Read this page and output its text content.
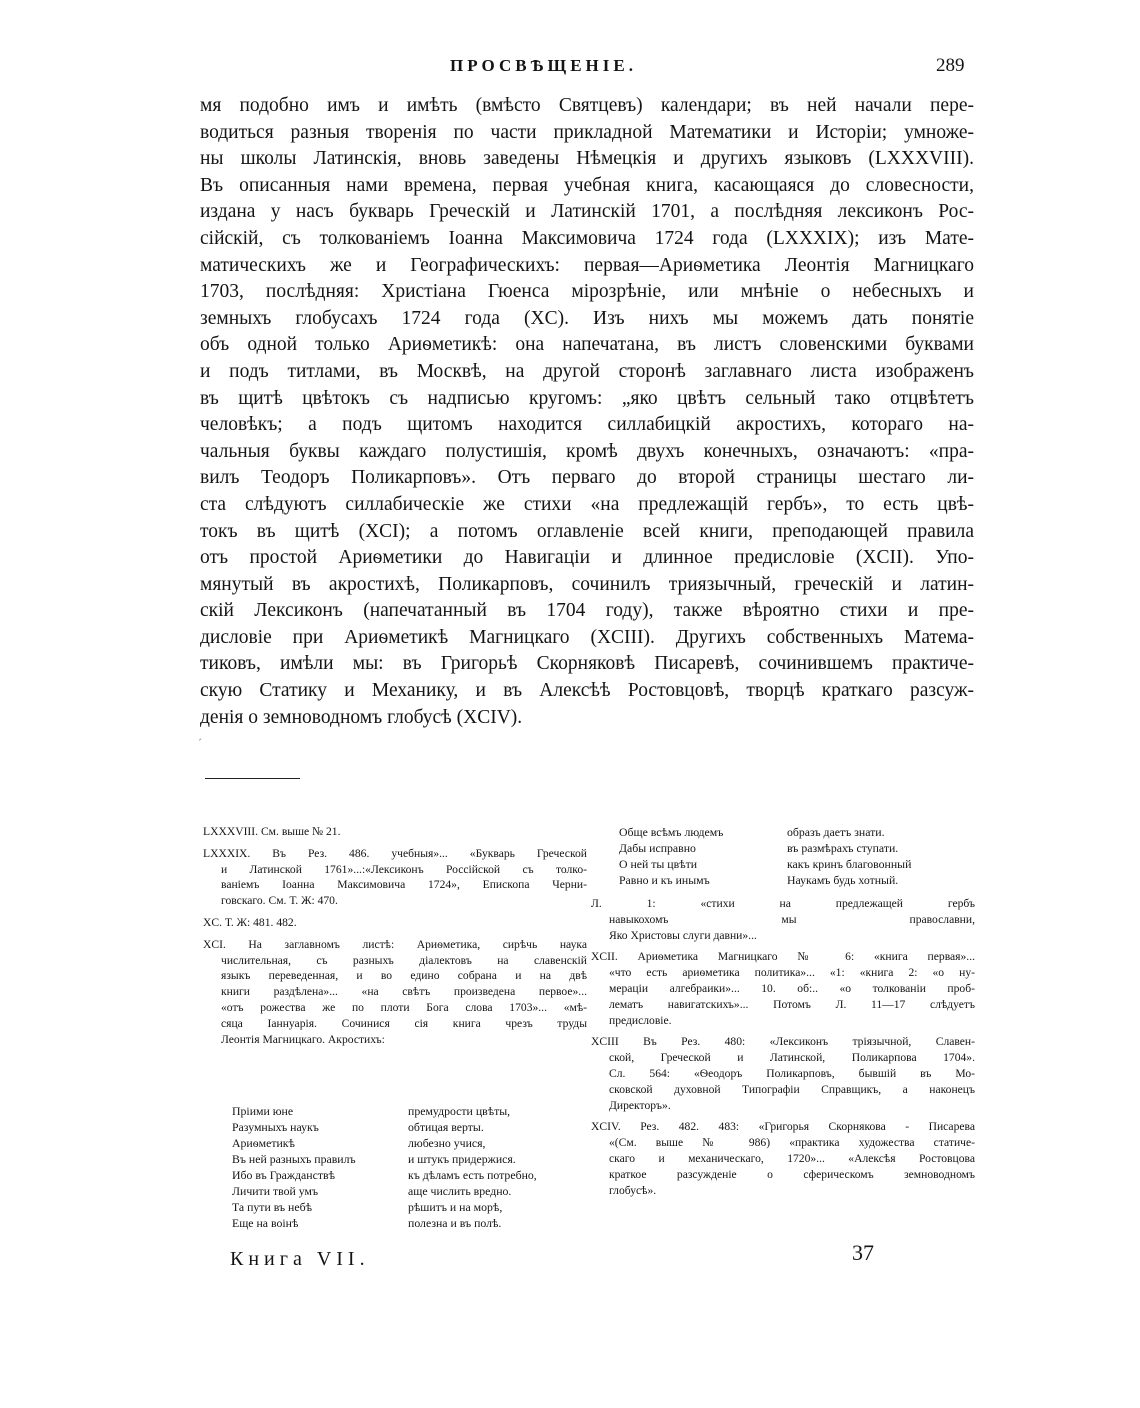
ПРОСВѢЩЕНІЕ.	289
мя подобно имъ и имѣть (вмѣсто Святцевъ) календари; въ ней начали пере-
водиться разныя творенія по части прикладной Математики и Исторіи; умноже-
ны школы Латинскія, вновь заведены Нѣмецкія и другихъ языковъ (LXXXVIII).
Въ описанныя нами времена, первая учебная книга, касающаяся до словесности,
издана у насъ букварь Греческій и Латинскій 1701, а послѣдняя лексиконъ Рос-
сійскій, съ толкованіемъ Іоанна Максимовича 1724 года (LXXXIX); изъ Мате-
матическихъ же и Географическихъ: первая—Ариѳметика Леонтія Магницкаго
1703, послѣдняя: Христіана Гюенса мірозрѣніе, или мнѣніе о небесныхъ и
земныхъ глобусахъ 1724 года (XC). Изъ нихъ мы можемъ дать понятіе
объ одной только Ариѳметикѣ: она напечатана, въ листъ словенскими буквами
и подъ титлами, въ Москвѣ, на другой сторонѣ заглавнаго листа изображенъ
въ щитѣ цвѣтокъ съ надписью кругомъ: „яко цвѣтъ сельный тако отцвѣтетъ
человѣкъ; а подъ щитомъ находится силлабицкій акростихъ, котораго на-
чальныя буквы каждаго полустишія, кромѣ двухъ конечныхъ, означаютъ: «пра-
вилъ Теодоръ Поликарповъ». Отъ перваго до второй страницы шестаго ли-
ста слѣдуютъ силлабическіе же стихи «на предлежащій гербъ», то есть цвѣ-
токъ въ щитѣ (XCI); а потомъ оглавленіе всей книги, преподающей правила
отъ простой Ариѳметики до Навигаціи и длинное предисловіе (XCII). Упо-
мянутый въ акростихѣ, Поликарповъ, сочинилъ триязычный, греческій и латин-
скій Лексиконъ (напечатанный въ 1704 году), также вѣроятно стихи и пре-
дисловіе при Ариѳметикѣ Магницкаго (XCIII). Другихъ собственныхъ Матема-
тиковъ, имѣли мы: въ Григорьѣ Скорняковѣ Писаревѣ, сочинившемъ практиче-
скую Статику и Механику, и въ Алексѣѣ Ростовцовѣ, творцѣ краткаго разсуж-
денія о земноводномъ глобусѣ (XCIV).
ˊ
LXXXVIII. См. выше № 21.
LXXXIX. Въ Рез. 486. учебныя»... «Букварь Греческой
и Латинской 1761»...:«Лексиконъ Россійской съ толко-
ваніемъ Іоанна Максимовича 1724», Епископа Черни-
говскаго. См. Т. Ж: 470.
XC. Т. Ж: 481. 482.
XCI. На заглавномъ листѣ: Ариѳметика, сирѣчь наука
числительная, съ разныхъ діалектовъ на славенскій
языкъ переведенная, и во едино собрана и на двѣ
книги раздѣлена»... «на свѣтъ произведена первое»...
«отъ рожества же по плоти Бога слова 1703»... «мѣ-
сяца Іаннуарія. Сочинися сія книга чрезъ труды
Леонтія Магницкаго. Акростихъ:
Пріими юне	премудрости цвѣты,
Разумныхъ наукъ	обтицая верты.
Ариѳметикѣ	любезно учися,
Въ ней разныхъ правилъ	и штукъ придержися.
Ибо въ Гражданствѣ	къ дѣламъ есть потребно,
Личити твой умъ	аще числить вредно.
Та пути въ небѣ	рѣшитъ и на морѣ,
Еще на воінѣ	полезна и въ полѣ.
Обще всѣмъ людемъ	образъ даетъ знати.
Дабы исправно	въ размѣрахъ ступати.
О ней ты цвѣти	какъ кринъ благовонный
Равно и къ инымъ	Наукамъ будь хотный.
Л. 1: «стихи на предлежащей гербъ
навыкохомъ мы православни,
Яко Христовы слуги давни»...
XCII. Ариѳметика Магницкаго № 6: «книга первая»...
«что есть ариѳметика политика»... «1: «книга 2: «о ну-
мераціи алгебраики»... 10. об:.. «о толкованіи проб-
лематъ навигатскихъ»... Потомъ Л. 11—17 слѣдуетъ
предисловіе.
XCIII Въ Рез. 480: «Лексиконъ тріязычной, Славен-
ской, Греческой и Латинской, Поликарпова 1704».
Сл. 564: «Ѳеодоръ Поликарповъ, бывшій въ Мо-
сковской духовной Типографіи Справщикъ, а наконецъ
Директоръ».
XCIV. Рез. 482. 483: «Григорья Скорнякова - Писарева
«(См. выше № 986) «практика художества статиче-
скаго и механическаго, 1720»... «Алексѣя Ростовцова
краткое разсужденіе о сферическомъ земноводномъ
глобусѣ».
Книга VII.	37
